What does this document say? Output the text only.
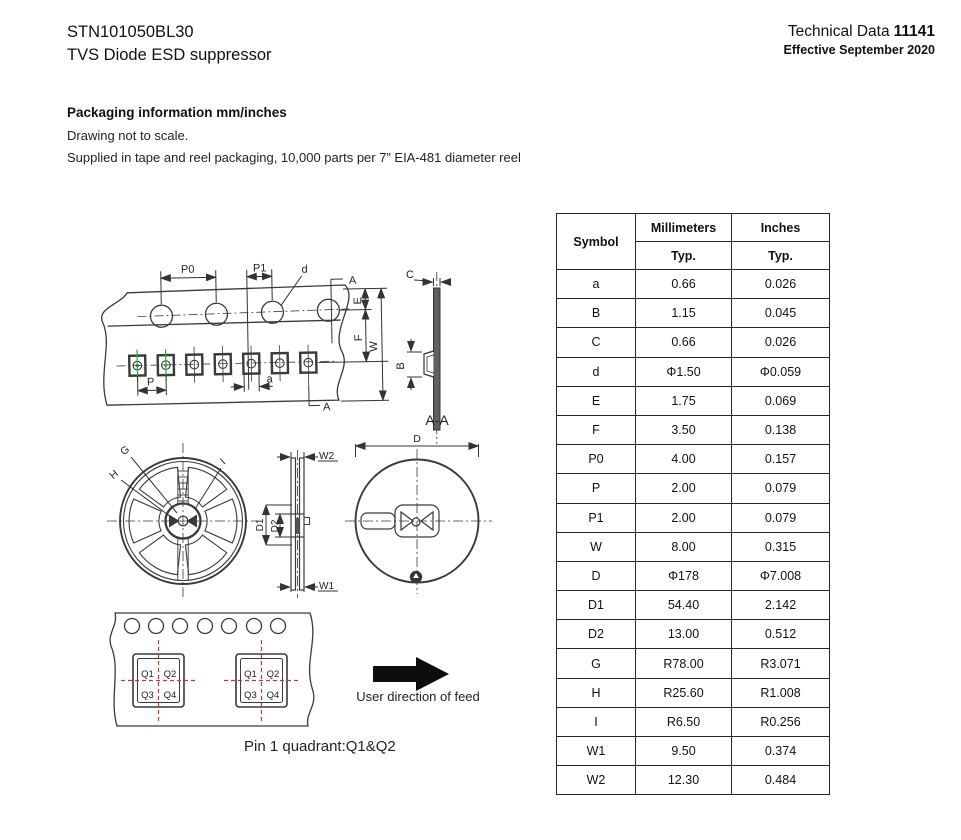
STN101050BL30
TVS Diode ESD suppressor
Technical Data 11141
Effective September 2020
Packaging information mm/inches
Drawing not to scale.
Supplied in tape and reel packaging, 10,000 parts per 7” EIA-481 diameter reel
P0	P1	d
A
A
P	a
E
F
W
C
B
A-A
G
H
I	W2
W1
D1 D2
D
Q1 Q2
Q3 Q4
Q1 Q2
Q3 Q4	User direction of feed
Pin 1 quadrant:Q1&Q2
Symbol	Millimeters	Inches
	Typ.	Typ.
a	0.66	0.026
B	1.15	0.045
C	0.66	0.026
d	Φ1.50	Φ0.059
E	1.75	0.069
F	3.50	0.138
P0	4.00	0.157
P	2.00	0.079
P1	2.00	0.079
W	8.00	0.315
D	Φ178	Φ7.008
D1	54.40	2.142
D2	13.00	0.512
G	R78.00	R3.071
H	R25.60	R1.008
I	R6.50	R0.256
W1	9.50	0.374
W2	12.30	0.484
